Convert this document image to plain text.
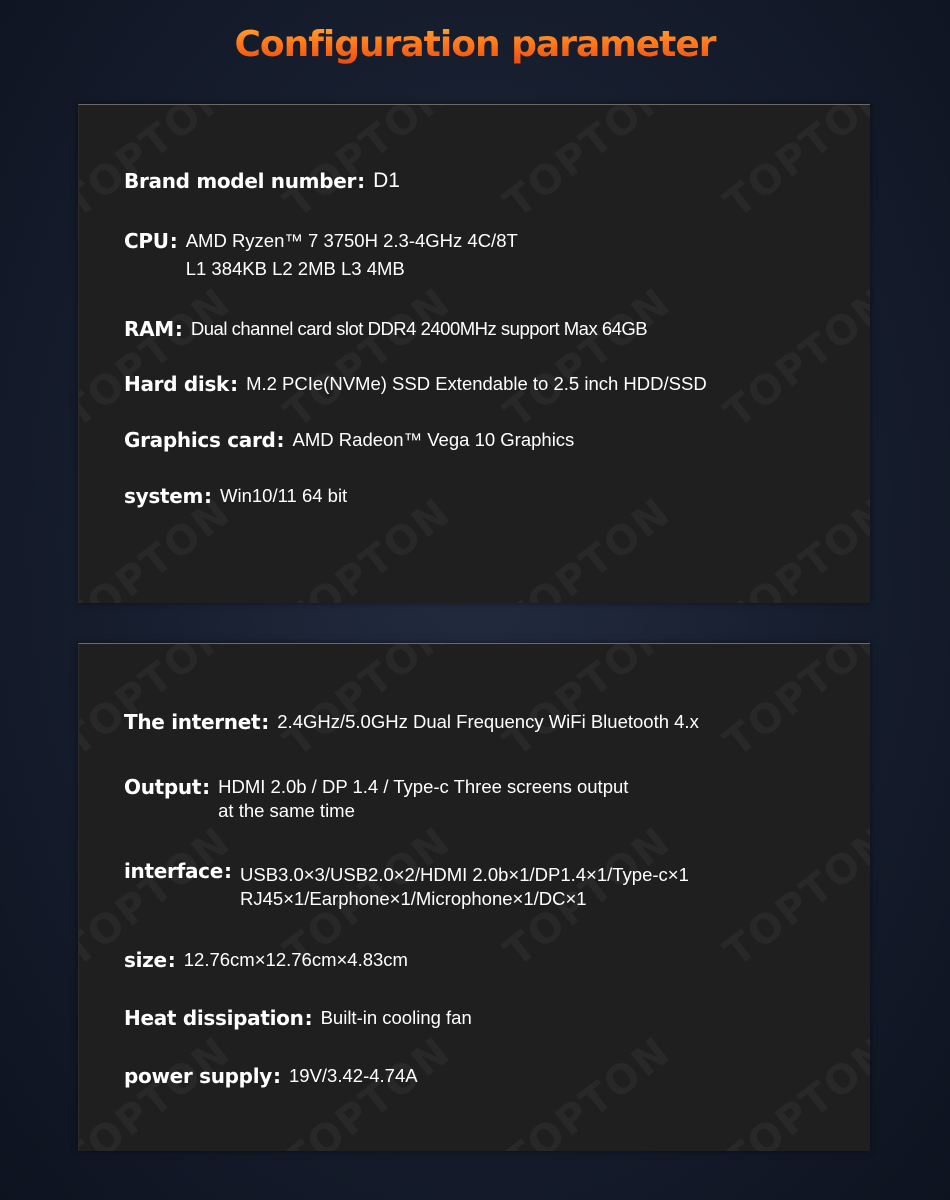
Configuration parameter
Brand model number : D1
CPU : AMD Ryzen™ 7 3750H 2.3-4GHz 4C/8T
L1 384KB L2 2MB L3 4MB
RAM : Dual channel card slot DDR4 2400MHz support Max 64GB
Hard disk : M.2 PCIe(NVMe) SSD Extendable to 2.5 inch HDD/SSD
Graphics card : AMD Radeon™ Vega 10 Graphics
system : Win10/11 64 bit
The internet : 2.4GHz/5.0GHz Dual Frequency WiFi Bluetooth 4.x
Output : HDMI 2.0b / DP 1.4 / Type-c Three screens output
at the same time
interface : USB3.0×3/USB2.0×2/HDMI 2.0b×1/DP1.4×1/Type-c×1
RJ45×1/Earphone×1/Microphone×1/DC×1
size : 12.76cm×12.76cm×4.83cm
Heat dissipation : Built-in cooling fan
power supply : 19V/3.42-4.74A
